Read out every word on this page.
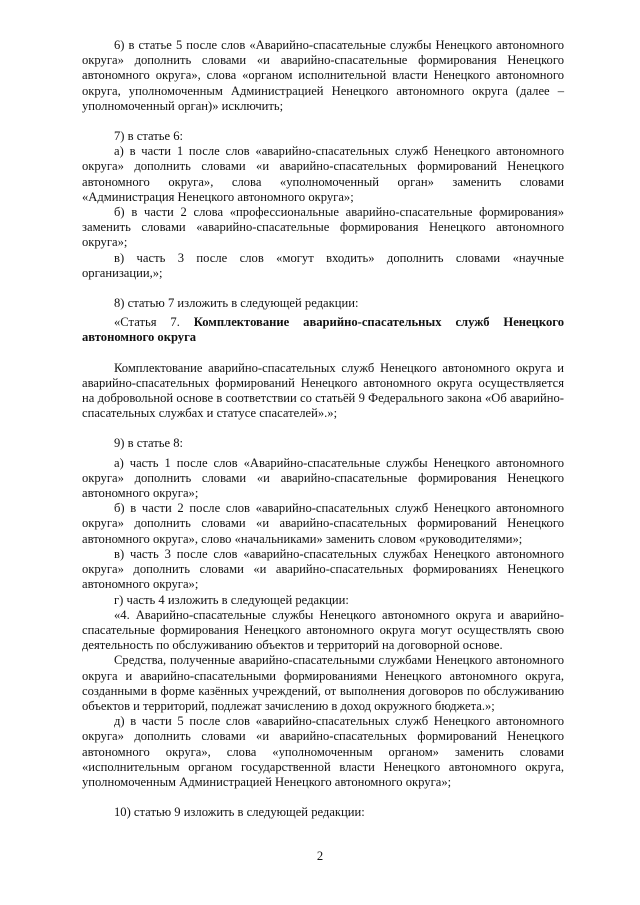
6) в статье 5 после слов «Аварийно-спасательные службы Ненецкого автономного округа» дополнить словами «и аварийно-спасательные формирования Ненецкого автономного округа», слова «органом исполнительной власти Ненецкого автономного округа, уполномоченным Администрацией Ненецкого автономного округа (далее – уполномоченный орган)» исключить;

7) в статье 6:

а) в части 1 после слов «аварийно-спасательных служб Ненецкого автономного округа» дополнить словами «и аварийно-спасательных формирований Ненецкого автономного округа», слова «уполномоченный орган» заменить словами «Администрация Ненецкого автономного округа»;

б) в части 2 слова «профессиональные аварийно-спасательные формирования» заменить словами «аварийно-спасательные формирования Ненецкого автономного округа»;

в) часть 3 после слов «могут входить» дополнить словами «научные организации,»;

8) статью 7 изложить в следующей редакции:

«Статья 7. Комплектование аварийно-спасательных служб Ненецкого автономного округа

Комплектование аварийно-спасательных служб Ненецкого автономного округа и аварийно-спасательных формирований Ненецкого автономного округа осуществляется на добровольной основе в соответствии со статьёй 9 Федерального закона «Об аварийно-спасательных службах и статусе спасателей».»;

9) в статье 8:

а) часть 1 после слов «Аварийно-спасательные службы Ненецкого автономного округа» дополнить словами «и аварийно-спасательные формирования Ненецкого автономного округа»;

б) в части 2 после слов «аварийно-спасательных служб Ненецкого автономного округа» дополнить словами «и аварийно-спасательных формирований Ненецкого автономного округа», слово «начальниками» заменить словом «руководителями»;

в) часть 3 после слов «аварийно-спасательных службах Ненецкого автономного округа» дополнить словами «и аварийно-спасательных формированиях Ненецкого автономного округа»;

г) часть 4 изложить в следующей редакции:

«4. Аварийно-спасательные службы Ненецкого автономного округа и аварийно-спасательные формирования Ненецкого автономного округа могут осуществлять свою деятельность по обслуживанию объектов и территорий на договорной основе.

Средства, полученные аварийно-спасательными службами Ненецкого автономного округа и аварийно-спасательными формированиями Ненецкого автономного округа, созданными в форме казённых учреждений, от выполнения договоров по обслуживанию объектов и территорий, подлежат зачислению в доход окружного бюджета.»;

д) в части 5 после слов «аварийно-спасательных служб Ненецкого автономного округа» дополнить словами «и аварийно-спасательных формирований Ненецкого автономного округа», слова «уполномоченным органом» заменить словами «исполнительным органом государственной власти Ненецкого автономного округа, уполномоченным Администрацией Ненецкого автономного округа»;

10) статью 9 изложить в следующей редакции:

2
